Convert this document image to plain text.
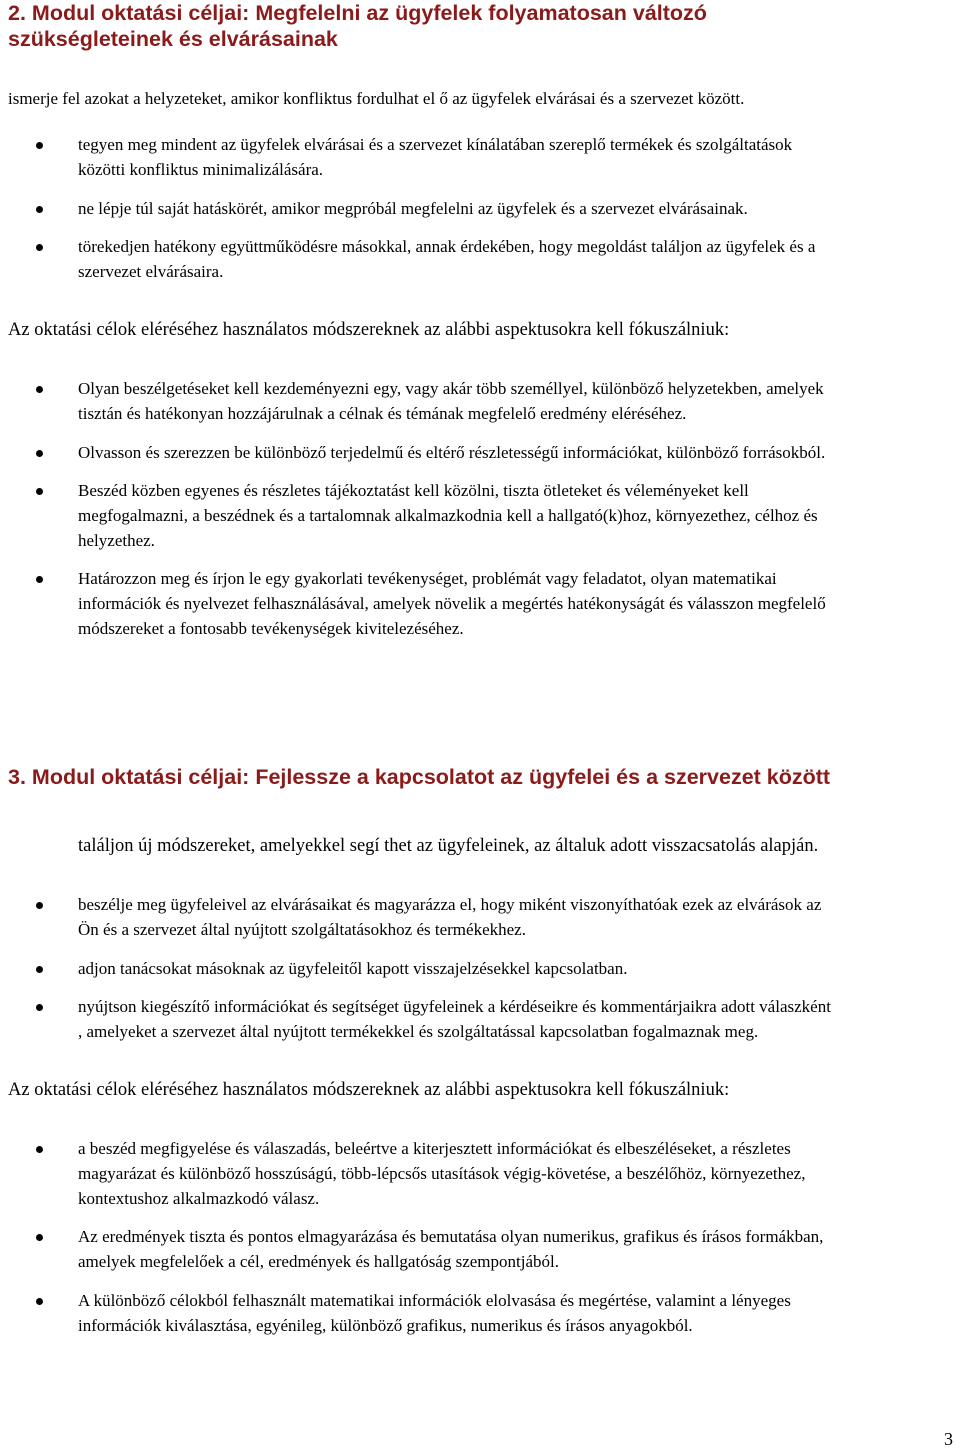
2. Modul oktatási céljai: Megfelelni az ügyfelek folyamatosan változó
szükségleteinek és elvárásainak

ismerje fel azokat a helyzeteket, amikor konfliktus fordulhat el ő az ügyfelek elvárásai és a szervezet között.

tegyen meg mindent az ügyfelek elvárásai és a szervezet kínálatában szereplő termékek és szolgáltatások
közötti konfliktus minimalizálására.

ne lépje túl saját hatáskörét, amikor megpróbál megfelelni az ügyfelek és a szervezet elvárásainak.

törekedjen hatékony együttműködésre másokkal, annak érdekében, hogy megoldást találjon az ügyfelek és a
szervezet elvárásaira.

Az oktatási célok eléréséhez használatos módszereknek az alábbi aspektusokra kell fókuszálniuk:

Olyan beszélgetéseket kell kezdeményezni egy, vagy akár több személlyel, különböző helyzetekben, amelyek
tisztán és hatékonyan hozzájárulnak a célnak és témának megfelelő eredmény eléréséhez.

Olvasson és szerezzen be különböző terjedelmű és eltérő részletességű információkat, különböző forrásokból.

Beszéd közben egyenes és részletes tájékoztatást kell közölni, tiszta ötleteket és véleményeket kell
megfogalmazni, a beszédnek és a tartalomnak alkalmazkodnia kell a hallgató(k)hoz, környezethez, célhoz és
helyzethez.

Határozzon meg és írjon le egy gyakorlati tevékenységet, problémát vagy feladatot, olyan matematikai
információk és nyelvezet felhasználásával, amelyek növelik a megértés hatékonyságát és válasszon megfelelő
módszereket a fontosabb tevékenységek kivitelezéséhez.

3. Modul oktatási céljai: Fejlessze a kapcsolatot az ügyfelei és a szervezet között

találjon új módszereket, amelyekkel segí thet az ügyfeleinek, az általuk adott visszacsatolás alapján.

beszélje meg ügyfeleivel az elvárásaikat és magyarázza el, hogy miként viszonyíthatóak ezek az elvárások az
Ön és a szervezet által nyújtott szolgáltatásokhoz és termékekhez.

adjon tanácsokat másoknak az ügyfeleitől kapott visszajelzésekkel kapcsolatban.

nyújtson kiegészítő információkat és segítséget ügyfeleinek a kérdéseikre és kommentárjaikra adott válaszként
, amelyeket a szervezet által nyújtott termékekkel és szolgáltatással kapcsolatban fogalmaznak meg.

Az oktatási célok eléréséhez használatos módszereknek az alábbi aspektusokra kell fókuszálniuk:

a beszéd megfigyelése és válaszadás, beleértve a kiterjesztett információkat és elbeszéléseket, a részletes
magyarázat és különböző hosszúságú, több-lépcsős utasítások végig-követése, a beszélőhöz, környezethez,
kontextushoz alkalmazkodó válasz.

Az eredmények tiszta és pontos elmagyarázása és bemutatása olyan numerikus, grafikus és írásos formákban,
amelyek megfelelőek a cél, eredmények és hallgatóság szempontjából.

A különböző célokból felhasznált matematikai információk elolvasása és megértése, valamint a lényeges
információk kiválasztása, egyénileg, különböző grafikus, numerikus és írásos anyagokból.

3
